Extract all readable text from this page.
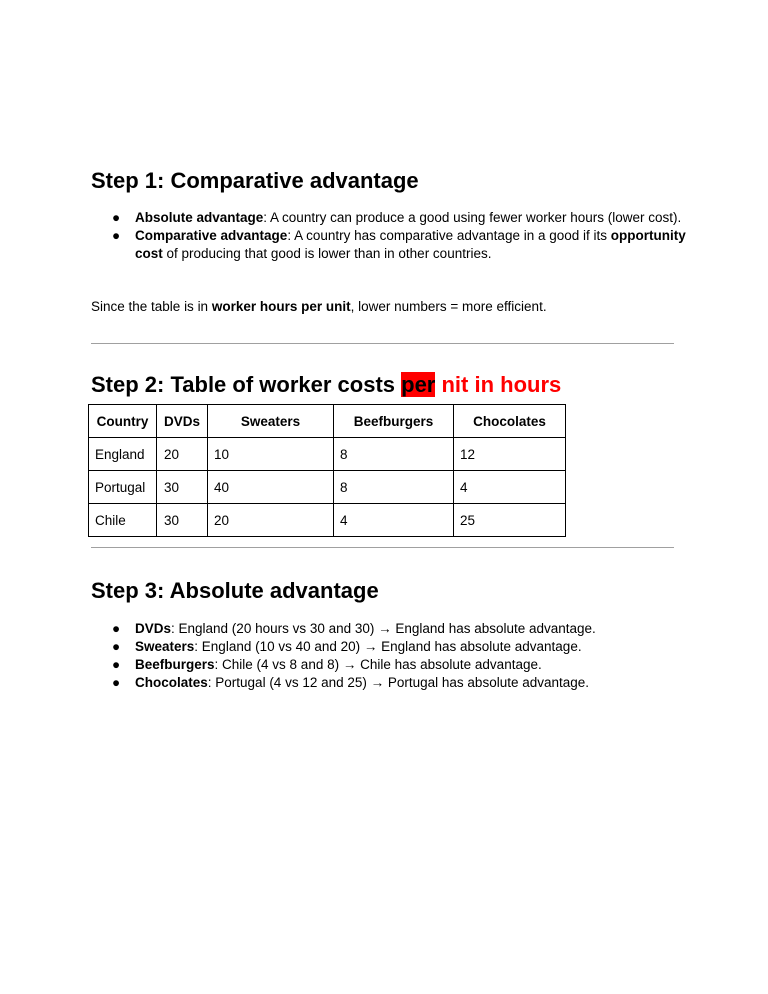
Step 1: Comparative advantage
● Absolute advantage: A country can produce a good using fewer worker hours (lower cost).
● Comparative advantage: A country has comparative advantage in a good if its opportunity cost of producing that good is lower than in other countries.

Since the table is in worker hours per unit, lower numbers = more efficient.

Step 2: Table of worker costs per nit in hours
Country	DVDs	Sweaters	Beefburgers	Chocolates
England	20	10	8	12
Portugal	30	40	8	4
Chile	30	20	4	25
Step 3: Absolute advantage
● DVDs: England (20 hours vs 30 and 30) → England has absolute advantage.
● Sweaters: England (10 vs 40 and 20) → England has absolute advantage.
● Beefburgers: Chile (4 vs 8 and 8) → Chile has absolute advantage.
● Chocolates: Portugal (4 vs 12 and 25) → Portugal has absolute advantage.
